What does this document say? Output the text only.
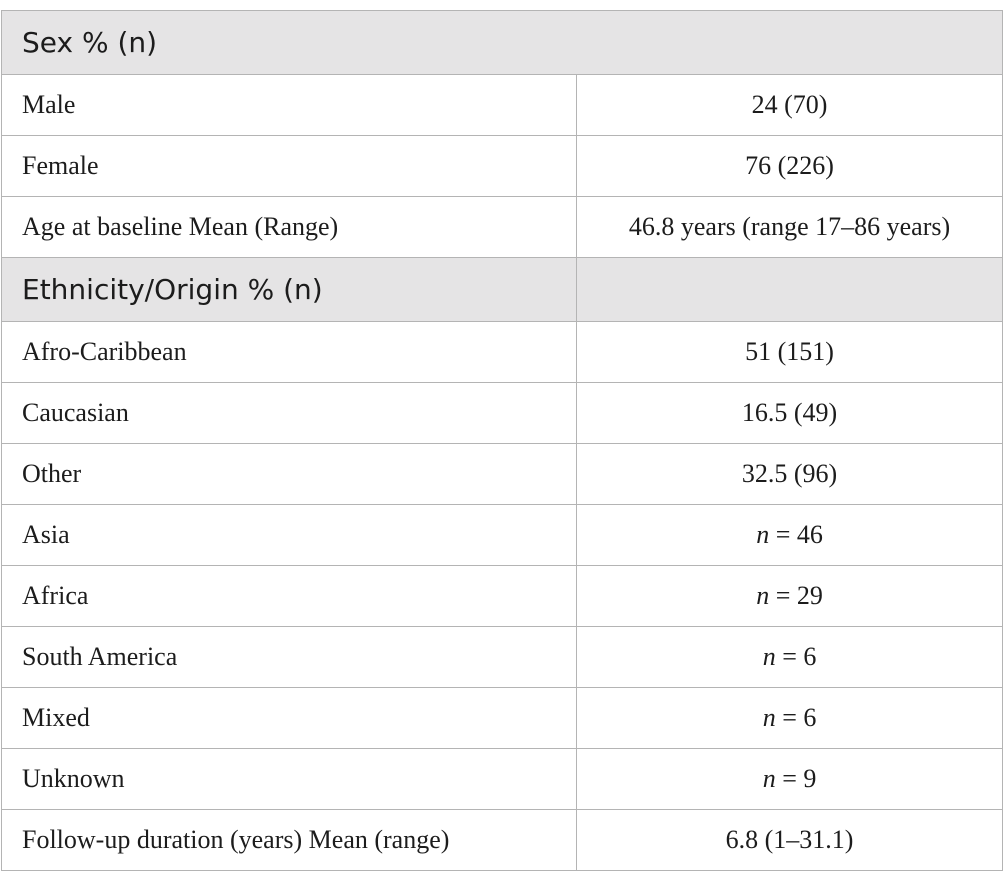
Sex % (n)	
Male	24 (70)
Female	76 (226)
Age at baseline Mean (Range)	46.8 years (range 17–86 years)
Ethnicity/Origin % (n)	
Afro-Caribbean	51 (151)
Caucasian	16.5 (49)
Other	32.5 (96)
Asia	n = 46
Africa	n = 29
South America	n = 6
Mixed	n = 6
Unknown	n = 9
Follow-up duration (years) Mean (range)	6.8 (1–31.1)
